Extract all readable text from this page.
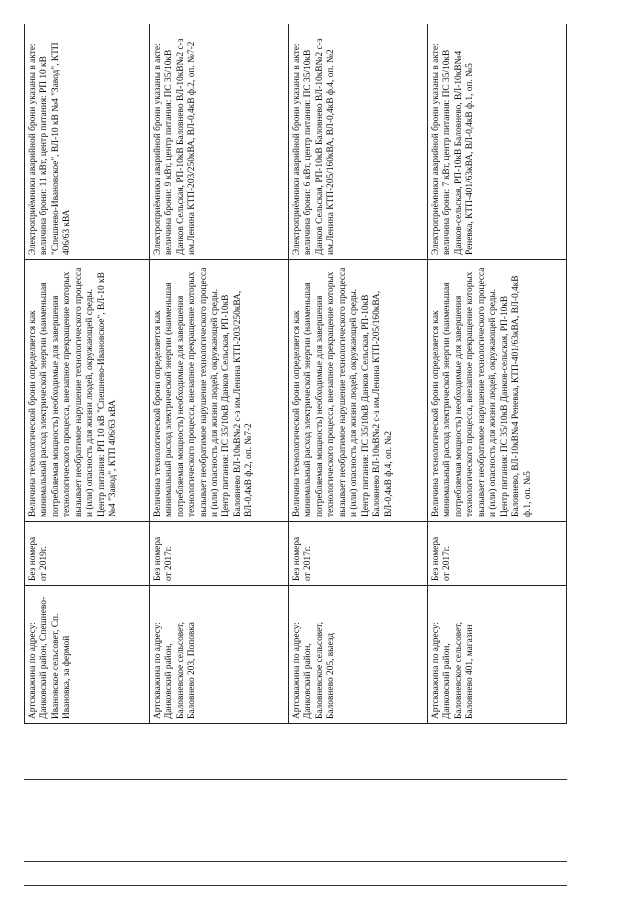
Артскважина по адресу: Данковский район, Спешнево-Ивановское сельсовет, Сп. Ивановка, за фермой	Без номера от 2019г.	Величина технологической брони определяется как минимальный расход электрической энергии (наименьшая потребляемая мощность) необходимые для завершения технологического процесса, внезапное прекращение которых вызывает необратимое нарушение технологического процесса и (или) опасность для жизни людей, окружающей среды. Центр питания: РП 10 кВ "Спешнево-Ивановское", ВЛ-10 кВ №4 "Завод", КТП 406/63 кВА	Электроприёмники аварийной брони указаны в акте: величина брони: 11 кВт, центр питания: РП 10 кВ "Спешнево-Ивановское", ВЛ-10 кВ №4 "Завод", КТП 406/63 кВА
Артскважина по адресу: Данковский район, Баловневское сельсовет, Баловнево 203, Поповка	Без номера от 2017г.	Величина технологической брони определяется как минимальный расход электрической энергии (наименьшая потребляемая мощность) необходимые для завершения технологического процесса, внезапное прекращение которых вызывает необратимое нарушение технологического процесса и (или) опасность для жизни людей, окружающей среды. Центр питания: ПС 35/10кВ Данков Сельская, РП-10кВ Баловнево ВЛ-10кВ№2 с-з им.Ленина КТП-203/250кВА, ВЛ-0,4кВ ф.2, оп. №7-2	Электроприёмники аварийной брони указаны в акте: величина брони: 9 кВт, центр питания: ПС 35/10кВ Данков Сельская, РП-10кВ Баловнево ВЛ-10кВ№2 с-з им.Ленина КТП-203/250кВА, ВЛ-0,4кВ ф.2, оп. №7-2
Артскважина по адресу: Данковский район, Баловневское сельсовет, Баловнево 205, выезд	Без номера от 2017г.	Величина технологической брони определяется как минимальный расход электрической энергии (наименьшая потребляемая мощность) необходимые для завершения технологического процесса, внезапное прекращение которых вызывает необратимое нарушение технологического процесса и (или) опасность для жизни людей, окружающей среды. Центр питания: ПС 35/10кВ Данков Сельская, РП-10кВ Баловнево ВЛ-10кВ№2 с-з им.Ленина КТП-205/160кВА, ВЛ-0,4кВ ф.4, оп. №2	Электроприёмники аварийной брони указаны в акте: величина брони: 6 кВт, центр питания: ПС 35/10кВ Данков Сельская, РП-10кВ Баловнево ВЛ-10кВ№2 с-з им.Ленина КТП-205/160кВА, ВЛ-0,4кВ ф.4, оп. №2
Артскважина по адресу: Данковский район, Баловневское сельсовет, Баловнево 401, магазин	Без номера от 2017г.	Величина технологической брони определяется как минимальный расход электрической энергии (наименьшая потребляемая мощность) необходимые для завершения технологического процесса, внезапное прекращение которых вызывает необратимое нарушение технологического процесса и (или) опасность для жизни людей, окружающей среды. Центр питания: ПС 35/10кВ Данков-сельская, РП-10кВ Баловнево, ВЛ-10кВ№4 Реневка, КТП-401/63кВА, ВЛ-0,4кВ ф.1, оп. №5	Электроприёмники аварийной брони указаны в акте: величина брони: 7 кВт, центр питания: ПС 35/10кВ Данков-сельская, РП-10кВ Баловнево, ВЛ-10кВ№4 Реневка, КТП-401/63кВА, ВЛ-0,4кВ ф.1, оп. №5
